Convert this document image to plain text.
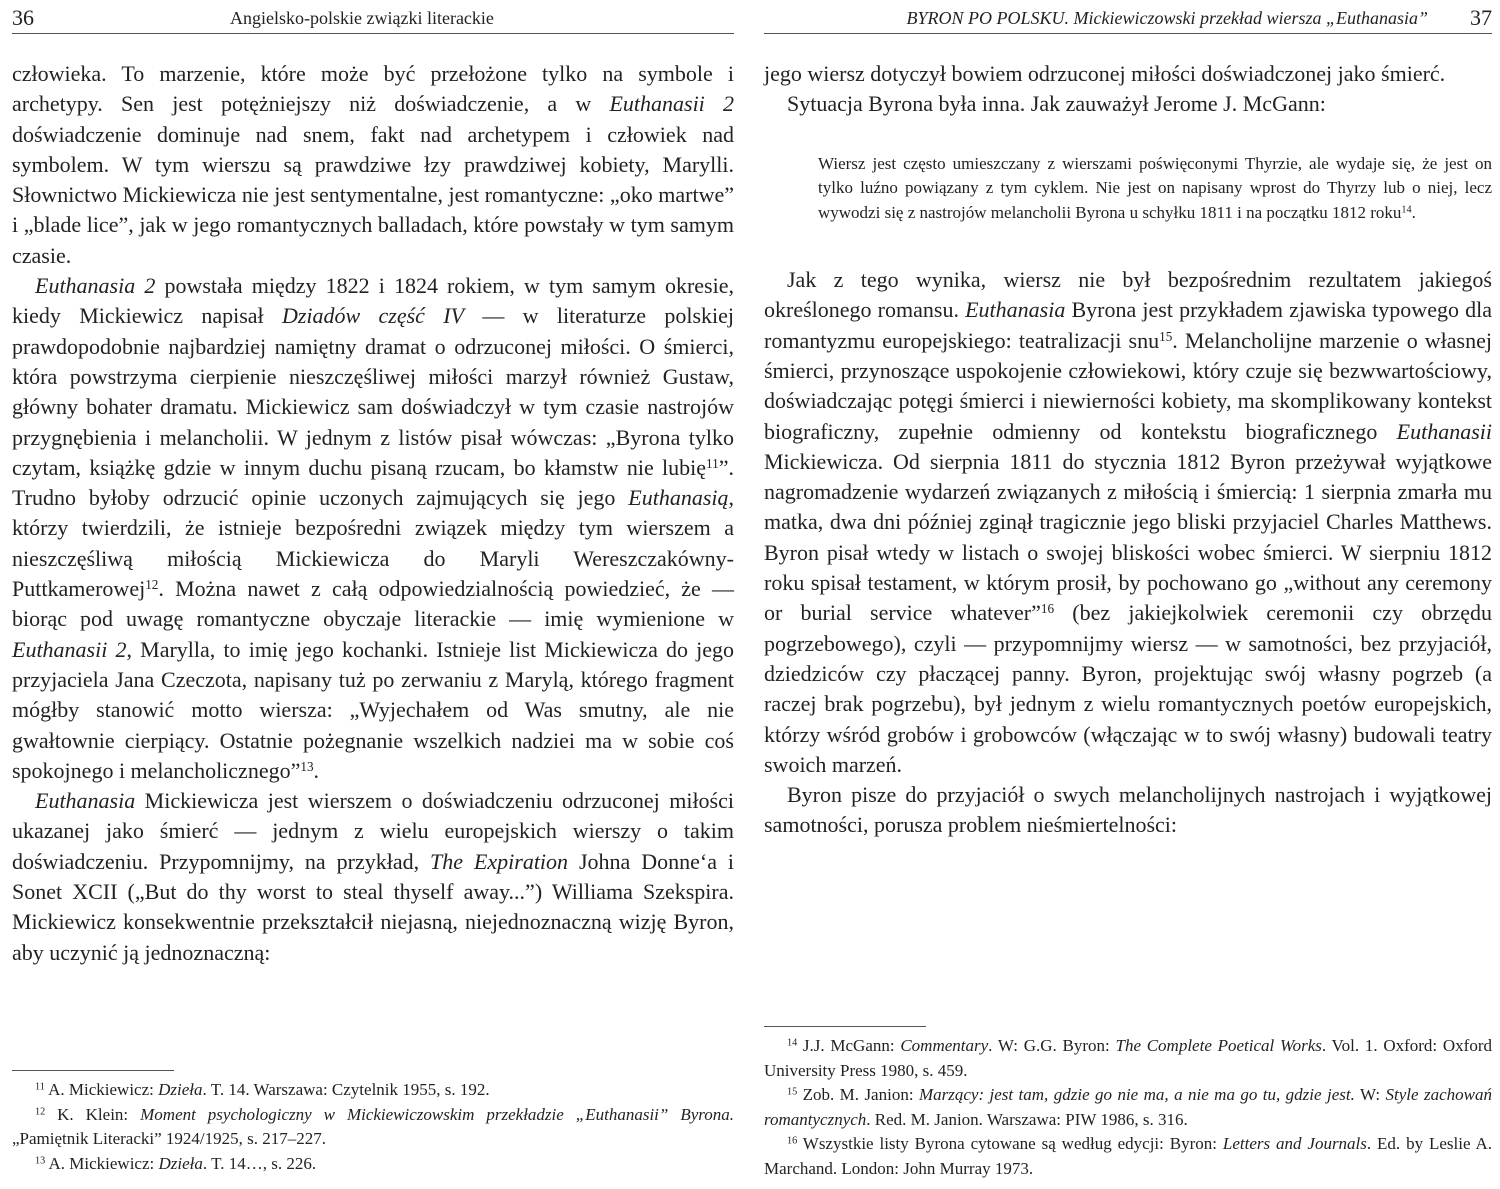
36	Angielsko-polskie związki literackie

człowieka. To marzenie, które może być przełożone tylko na symbole i archetypy. Sen jest potężniejszy niż doświadczenie, a w Euthanasii 2 doświadczenie dominuje nad snem, fakt nad archetypem i człowiek nad symbolem. W tym wierszu są prawdziwe łzy prawdziwej kobiety, Marylli. Słownictwo Mickiewicza nie jest sentymentalne, jest romantyczne: „oko martwe” i „blade lice”, jak w jego romantycznych balladach, które powstały w tym samym czasie.

Euthanasia 2 powstała między 1822 i 1824 rokiem, w tym samym okresie, kiedy Mickiewicz napisał Dziadów część IV — w literaturze polskiej prawdopodobnie najbardziej namiętny dramat o odrzuconej miłości. O śmierci, która powstrzyma cierpienie nieszczęśliwej miłości marzył również Gustaw, główny bohater dramatu. Mickiewicz sam doświadczył w tym czasie nastrojów przygnębienia i melancholii. W jednym z listów pisał wówczas: „Byrona tylko czytam, książkę gdzie w innym duchu pisaną rzucam, bo kłamstw nie lubię$^{11}$”. Trudno byłoby odrzucić opinie uczonych zajmujących się jego Euthanasią, którzy twierdzili, że istnieje bezpośredni związek między tym wierszem a nieszczęśliwą miłością Mickiewicza do Maryli Wereszczakówny-Puttkamerowej$^{12}$. Można nawet z całą odpowiedzialnością powiedzieć, że — biorąc pod uwagę romantyczne obyczaje literackie — imię wymienione w Euthanasii 2, Marylla, to imię jego kochanki. Istnieje list Mickiewicza do jego przyjaciela Jana Czeczota, napisany tuż po zerwaniu z Marylą, którego fragment mógłby stanowić motto wiersza: „Wyjechałem od Was smutny, ale nie gwałtownie cierpiący. Ostatnie pożegnanie wszelkich nadziei ma w sobie coś spokojnego i melancholicznego”$^{13}$.

Euthanasia Mickiewicza jest wierszem o doświadczeniu odrzuconej miłości ukazanej jako śmierć — jednym z wielu europejskich wierszy o takim doświadczeniu. Przypomnijmy, na przykład, The Expiration Johna Donne‘a i Sonet XCII („But do thy worst to steal thyself away...”) Williama Szekspira. Mickiewicz konsekwentnie przekształcił niejasną, niejednoznaczną wizję Byron, aby uczynić ją jednoznaczną:

$^{11}$ A. Mickiewicz: Dzieła. T. 14. Warszawa: Czytelnik 1955, s. 192.

$^{12}$ K. Klein: Moment psychologiczny w Mickiewiczowskim przekładzie „Euthanasii” Byrona. „Pamiętnik Literacki” 1924/1925, s. 217–227.

$^{13}$ A. Mickiewicz: Dzieła. T. 14…, s. 226.

BYRON PO POLSKU. Mickiewiczowski przekład wiersza „Euthanasia” 37

jego wiersz dotyczył bowiem odrzuconej miłości doświadczonej jako śmierć.

Sytuacja Byrona była inna. Jak zauważył Jerome J. McGann:

Wiersz jest często umieszczany z wierszami poświęconymi Thyrzie, ale wydaje się, że jest on tylko luźno powiązany z tym cyklem. Nie jest on napisany wprost do Thyrzy lub o niej, lecz wywodzi się z nastrojów melancholii Byrona u schyłku 1811 i na początku 1812 roku$^{14}$.

Jak z tego wynika, wiersz nie był bezpośrednim rezultatem jakiegoś określonego romansu. Euthanasia Byrona jest przykładem zjawiska typowego dla romantyzmu europejskiego: teatralizacji snu$^{15}$. Melancholijne marzenie o własnej śmierci, przynoszące uspokojenie człowiekowi, który czuje się bezwwartościowy, doświadczając potęgi śmierci i niewierności kobiety, ma skomplikowany kontekst biograficzny, zupełnie odmienny od kontekstu biograficznego Euthanasii Mickiewicza. Od sierpnia 1811 do stycznia 1812 Byron przeżywał wyjątkowe nagromadzenie wydarzeń związanych z miłością i śmiercią: 1 sierpnia zmarła mu matka, dwa dni później zginął tragicznie jego bliski przyjaciel Charles Matthews. Byron pisał wtedy w listach o swojej bliskości wobec śmierci. W sierpniu 1812 roku spisał testament, w którym prosił, by pochowano go „without any ceremony or burial service whatever”$^{16}$ (bez jakiejkolwiek ceremonii czy obrzędu pogrzebowego), czyli — przypomnijmy wiersz — w samotności, bez przyjaciół, dziedziców czy płaczącej panny. Byron, projektując swój własny pogrzeb (a raczej brak pogrzebu), był jednym z wielu romantycznych poetów europejskich, którzy wśród grobów i grobowców (włączając w to swój własny) budowali teatry swoich marzeń.

Byron pisze do przyjaciół o swych melancholijnych nastrojach i wyjątkowej samotności, porusza problem nieśmiertelności:

$^{14}$ J.J. McGann: Commentary. W: G.G. Byron: The Complete Poetical Works. Vol. 1. Oxford: Oxford University Press 1980, s. 459.

$^{15}$ Zob. M. Janion: Marzący: jest tam, gdzie go nie ma, a nie ma go tu, gdzie jest. W: Style zachowań romantycznych. Red. M. Janion. Warszawa: PIW 1986, s. 316.

$^{16}$ Wszystkie listy Byrona cytowane są według edycji: Byron: Letters and Journals. Ed. by Leslie A. Marchand. London: John Murray 1973.
